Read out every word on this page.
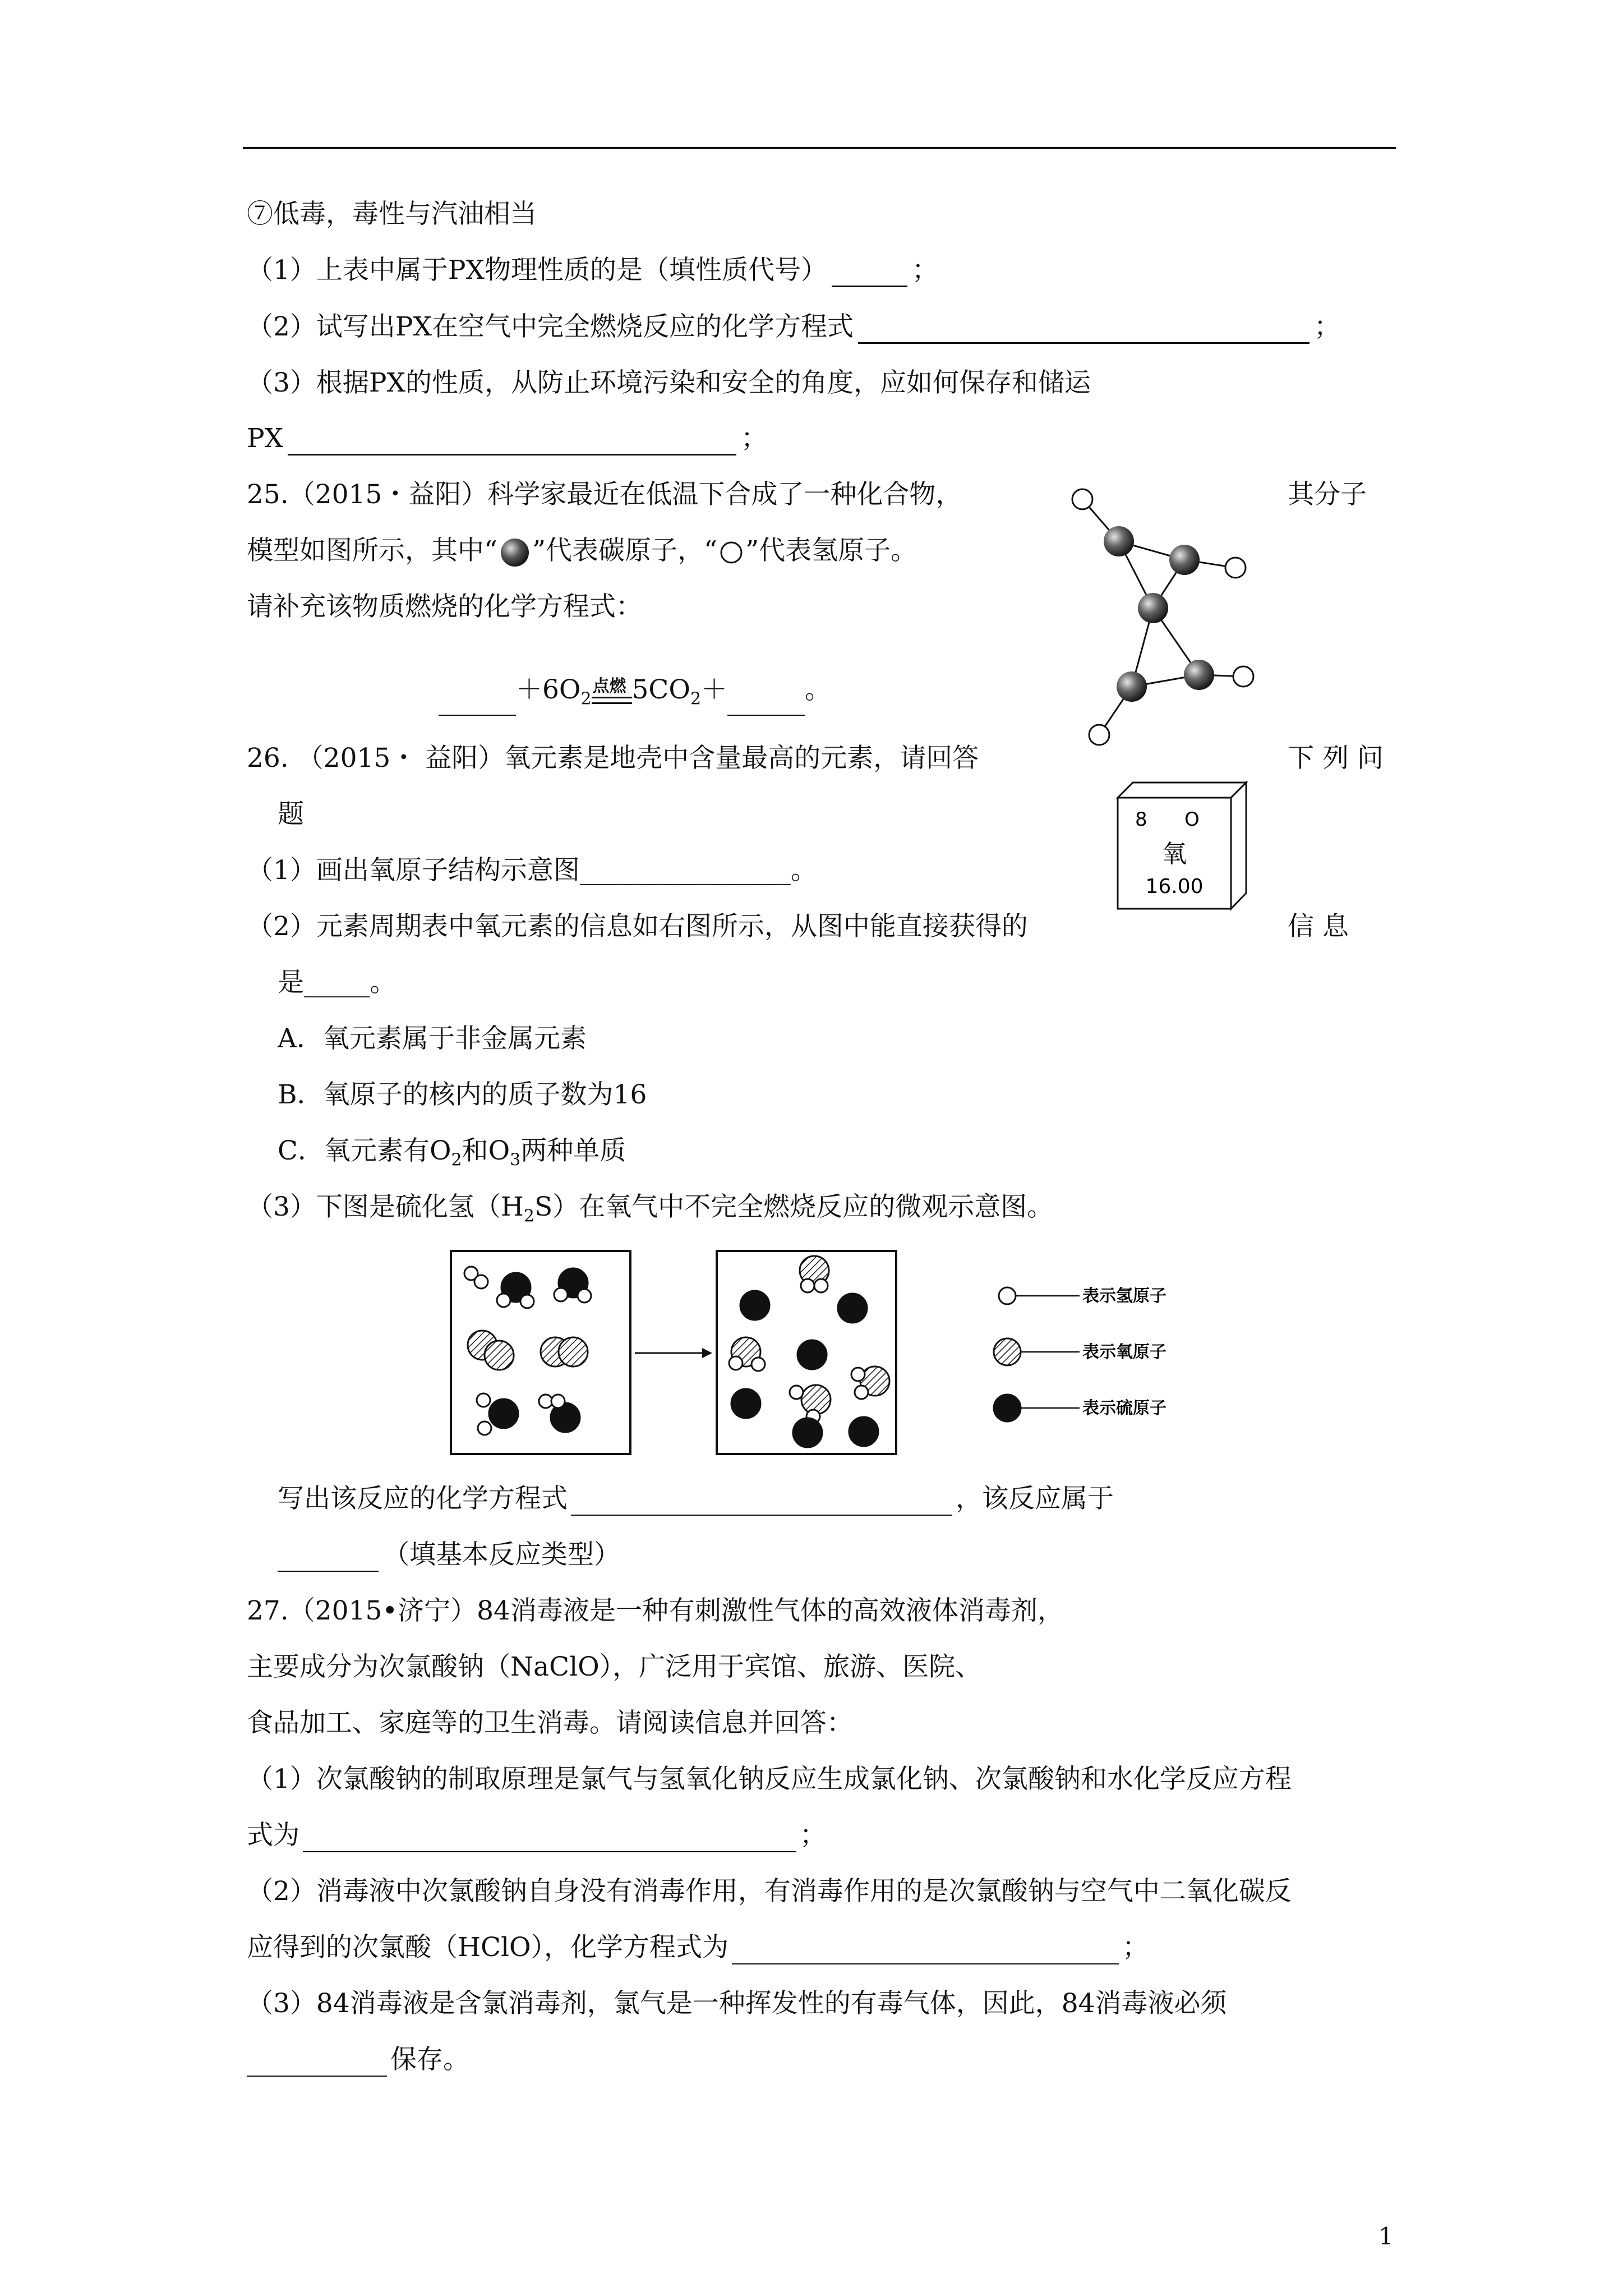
⑦低毒，毒性与汽油相当
（1）上表中属于PX物理性质的是（填性质代号）	；
（2）试写出PX在空气中完全燃烧反应的化学方程式	；
（3）根据PX的性质，从防止环境污染和安全的角度，应如何保存和储运
PX	；
25.（2015・益阳）科学家最近在低温下合成了一种化合物，	其分子
模型如图所示，其中“ ”代表碳原子，“ ”代表氢原子。
请补充该物质燃烧的化学方程式：
$+6O_2$
点燃 $5CO_2+$	。
26. （2015・ 益阳）氧元素是地壳中含量最高的元素，请回答	下 列 问
题
（1）画出氧原子结构示意图________________。
（2）元素周期表中氧元素的信息如右图所示，从图中能直接获得的	信 息
是_____。
8 O
氧
16.00
A．氧元素属于非金属元素
B．氧原子的核内的质子数为16
C．氧元素有$O_2$和$O_3$两种单质
（3）下图是硫化氢$(H_2S)$在氧气中不完全燃烧反应的微观示意图。
表示氢原子
表示氧原子
表示硫原子
写出该反应的化学方程式	，该反应属于
（填基本反应类型）
27.（2015•济宁）84消毒液是一种有刺激性气体的高效液体消毒剂，
主要成分为次氯酸钠（NaClO），广泛用于宾馆、旅游、医院、
食品加工、家庭等的卫生消毒。请阅读信息并回答：
（1）次氯酸钠的制取原理是氯气与氢氧化钠反应生成氯化钠、次氯酸钠和水化学反应方程
式为	；
（2）消毒液中次氯酸钠自身没有消毒作用，有消毒作用的是次氯酸钠与空气中二氧化碳反
应得到的次氯酸（HClO），化学方程式为	；
（3）84消毒液是含氯消毒剂，氯气是一种挥发性的有毒气体，因此，84消毒液必须
保存。
1
